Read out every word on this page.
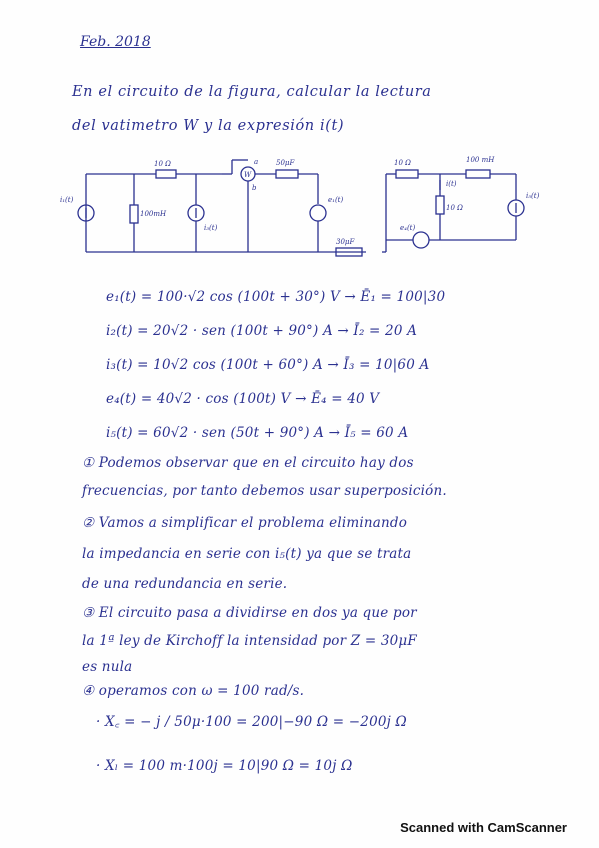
Feb. 2018
En el circuito de la figura, calcular la lectura
del vatimetro W y la expresión i(t)
10 Ω
100mH
50μF
30μF
10 Ω	100 mH
10 Ω
i₁(t)
i₃(t)
e₁(t)
e₄(t)
i₅(t)
i(t)
W
a
b
e₁(t) = 100·√2 cos (100t + 30°) V → Ē₁ = 100|30
i₂(t) = 20√2 · sen (100t + 90°) A → Ī₂ = 20 A
i₃(t) = 10√2 cos (100t + 60°) A → Ī₃ = 10|60 A
e₄(t) = 40√2 · cos (100t) V → Ē₄ = 40 V
i₅(t) = 60√2 · sen (50t + 90°) A → Ī₅ = 60 A
① Podemos observar que en el circuito hay dos
frecuencias, por tanto debemos usar superposición.
② Vamos a simplificar el problema eliminando
la impedancia en serie con i₅(t) ya que se trata
de una redundancia en serie.
③ El circuito pasa a dividirse en dos ya que por
la 1ª ley de Kirchoff la intensidad por Z = 30μF
es nula
④ operamos con ω = 100 rad/s.
· X꜀ = − j / 50μ·100 = 200|−90 Ω = −200j Ω
· Xₗ = 100 m·100j = 10|90 Ω = 10j Ω
Scanned with CamScanner
